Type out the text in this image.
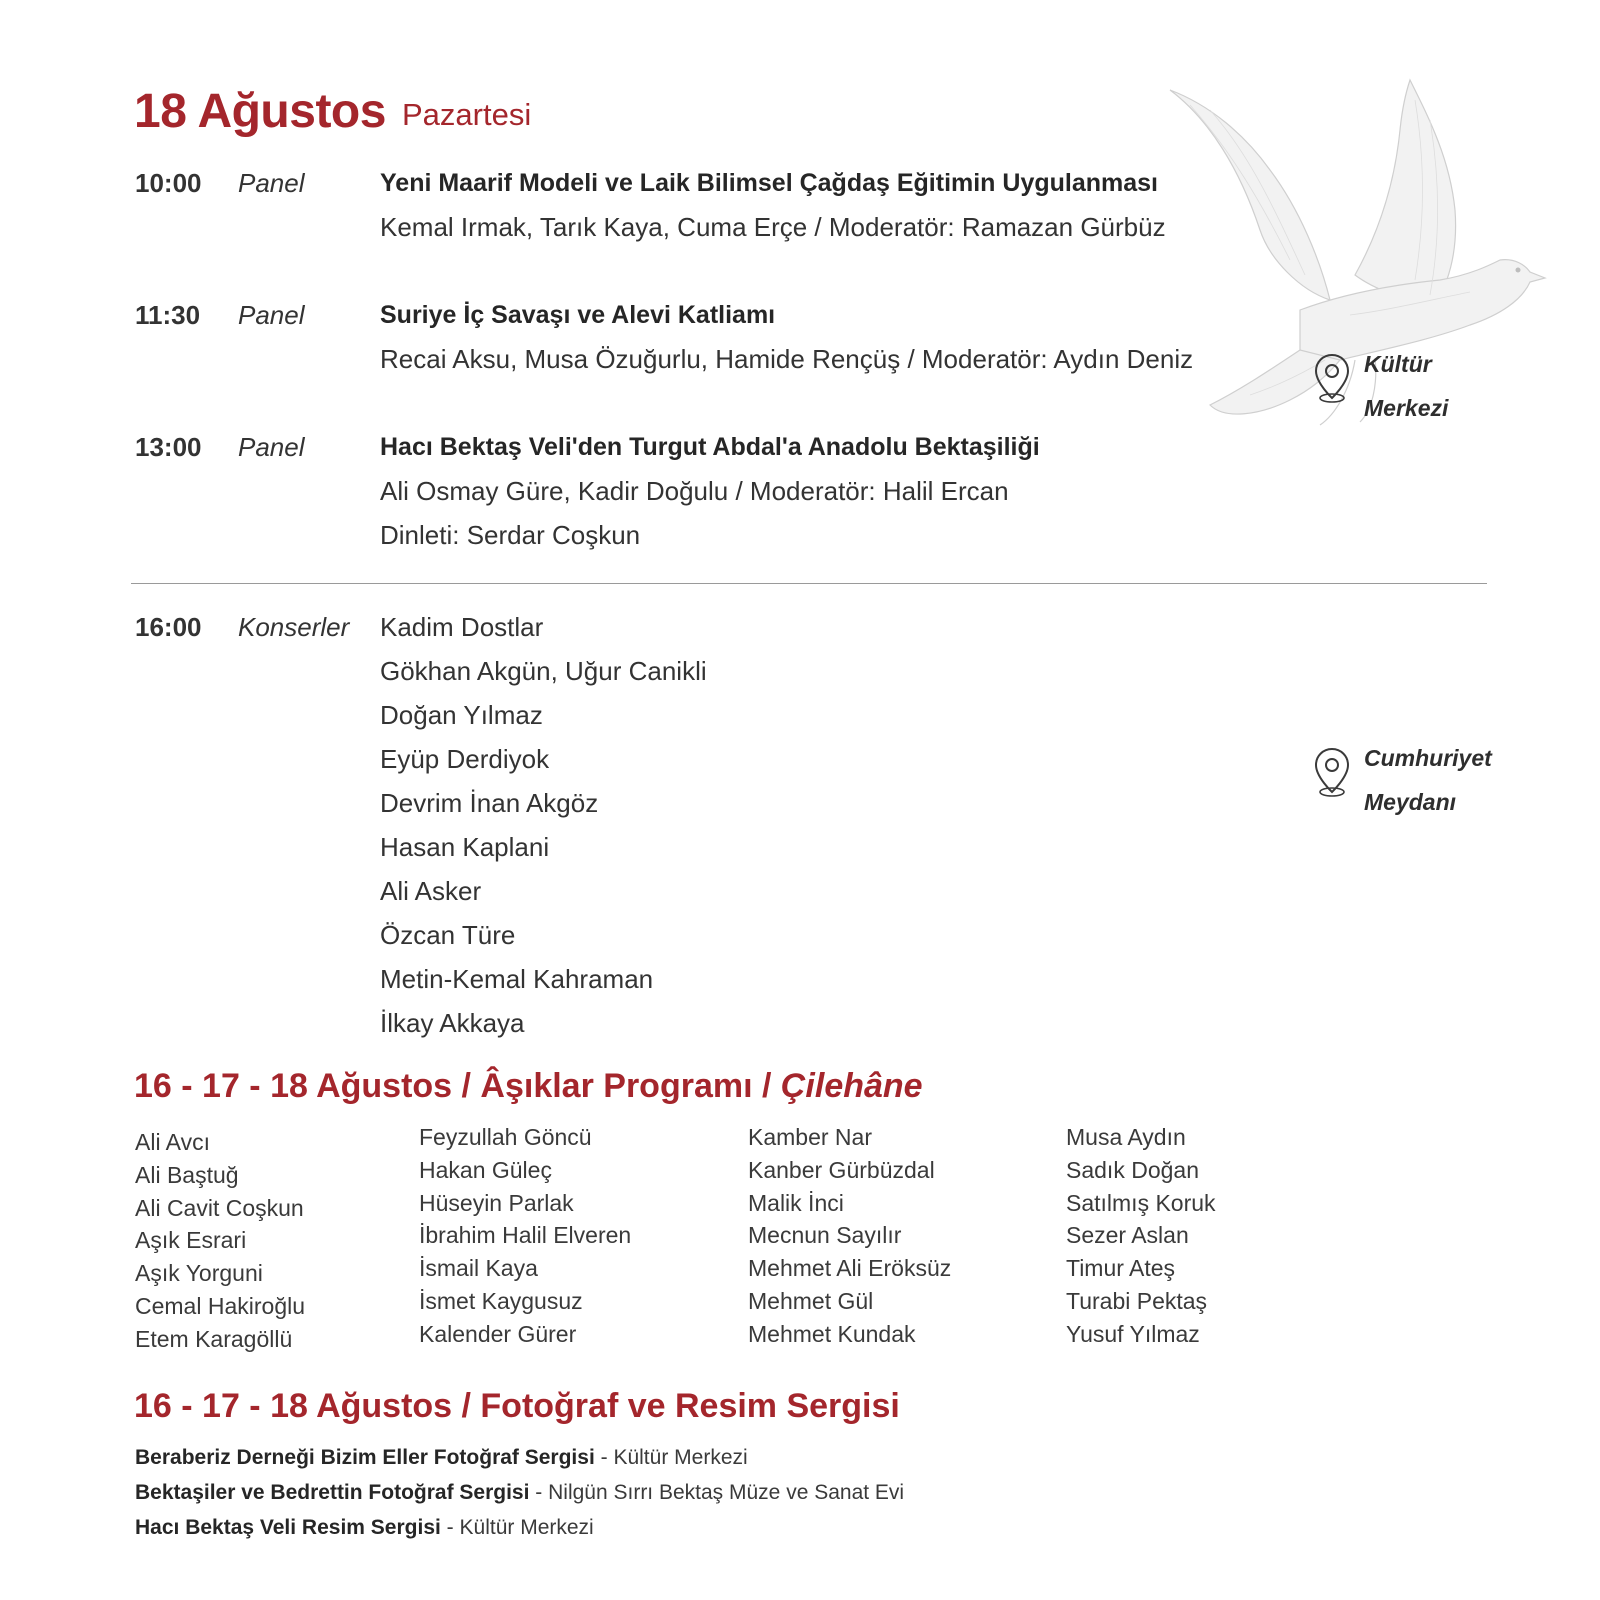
18 Ağustos Pazartesi
10:00 Panel	Yeni Maarif Modeli ve Laik Bilimsel Çağdaş Eğitimin Uygulanması
Kemal Irmak, Tarık Kaya, Cuma Erçe / Moderatör: Ramazan Gürbüz
11:30 Panel	Suriye İç Savaşı ve Alevi Katliamı
Recai Aksu, Musa Özuğurlu, Hamide Rençüş / Moderatör: Aydın Deniz
13:00 Panel	Hacı Bektaş Veli'den Turgut Abdal'a Anadolu Bektaşiliği
Ali Osmay Güre, Kadir Doğulu / Moderatör: Halil Ercan
Dinleti: Serdar Coşkun
Kültür
Merkezi
16:00 Konserler Kadim Dostlar
Gökhan Akgün, Uğur Canikli
Doğan Yılmaz
Eyüp Derdiyok
Devrim İnan Akgöz
Hasan Kaplani
Ali Asker
Özcan Türe
Metin-Kemal Kahraman
İlkay Akkaya
Cumhuriyet
Meydanı
16 - 17 - 18 Ağustos / Âşıklar Programı / Çilehâne
Ali Avcı
Ali Baştuğ
Ali Cavit Coşkun
Aşık Esrari
Aşık Yorguni
Cemal Hakiroğlu
Etem Karagöllü
Feyzullah Göncü
Hakan Güleç
Hüseyin Parlak
İbrahim Halil Elveren
İsmail Kaya
İsmet Kaygusuz
Kalender Gürer
Kamber Nar
Kanber Gürbüzdal
Malik İnci
Mecnun Sayılır
Mehmet Ali Eröksüz
Mehmet Gül
Mehmet Kundak
Musa Aydın
Sadık Doğan
Satılmış Koruk
Sezer Aslan
Timur Ateş
Turabi Pektaş
Yusuf Yılmaz
16 - 17 - 18 Ağustos / Fotoğraf ve Resim Sergisi
Beraberiz Derneği Bizim Eller Fotoğraf Sergisi - Kültür Merkezi
Bektaşiler ve Bedrettin Fotoğraf Sergisi - Nilgün Sırrı Bektaş Müze ve Sanat Evi
Hacı Bektaş Veli Resim Sergisi - Kültür Merkezi
